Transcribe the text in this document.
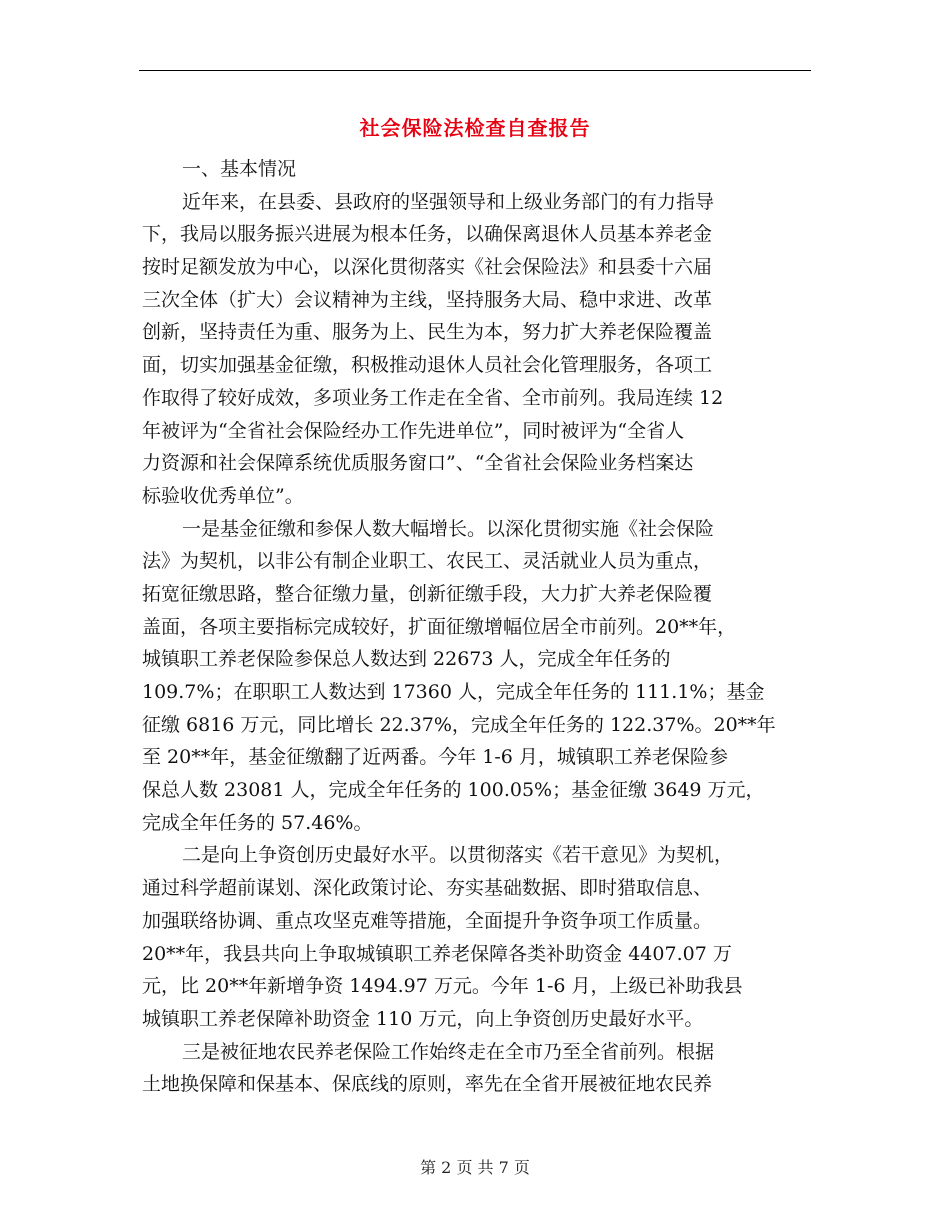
社会保险法检查自查报告
一、基本情况
近年来，在县委、县政府的坚强领导和上级业务部门的有力指导
下，我局以服务振兴进展为根本任务，以确保离退休人员基本养老金
按时足额发放为中心，以深化贯彻落实《社会保险法》和县委十六届
三次全体（扩大）会议精神为主线，坚持服务大局、稳中求进、改革
创新，坚持责任为重、服务为上、民生为本，努力扩大养老保险覆盖
面，切实加强基金征缴，积极推动退休人员社会化管理服务，各项工
作取得了较好成效，多项业务工作走在全省、全市前列。我局连续 12
年被评为“全省社会保险经办工作先进单位”，同时被评为“全省人
力资源和社会保障系统优质服务窗口”、“全省社会保险业务档案达
标验收优秀单位”。
一是基金征缴和参保人数大幅增长。以深化贯彻实施《社会保险
法》为契机，以非公有制企业职工、农民工、灵活就业人员为重点，
拓宽征缴思路，整合征缴力量，创新征缴手段，大力扩大养老保险覆
盖面，各项主要指标完成较好，扩面征缴增幅位居全市前列。20**年，
城镇职工养老保险参保总人数达到 22673 人，完成全年任务的
109.7%；在职职工人数达到 17360 人，完成全年任务的 111.1%；基金
征缴 6816 万元，同比增长 22.37%，完成全年任务的 122.37%。20**年
至 20**年，基金征缴翻了近两番。今年 1-6 月，城镇职工养老保险参
保总人数 23081 人，完成全年任务的 100.05%；基金征缴 3649 万元，
完成全年任务的 57.46%。
二是向上争资创历史最好水平。以贯彻落实《若干意见》为契机，
通过科学超前谋划、深化政策讨论、夯实基础数据、即时猎取信息、
加强联络协调、重点攻坚克难等措施，全面提升争资争项工作质量。
20**年，我县共向上争取城镇职工养老保障各类补助资金 4407.07 万
元，比 20**年新增争资 1494.97 万元。今年 1-6 月，上级已补助我县
城镇职工养老保障补助资金 110 万元，向上争资创历史最好水平。
三是被征地农民养老保险工作始终走在全市乃至全省前列。根据
土地换保障和保基本、保底线的原则，率先在全省开展被征地农民养
第 2 页 共 7 页
